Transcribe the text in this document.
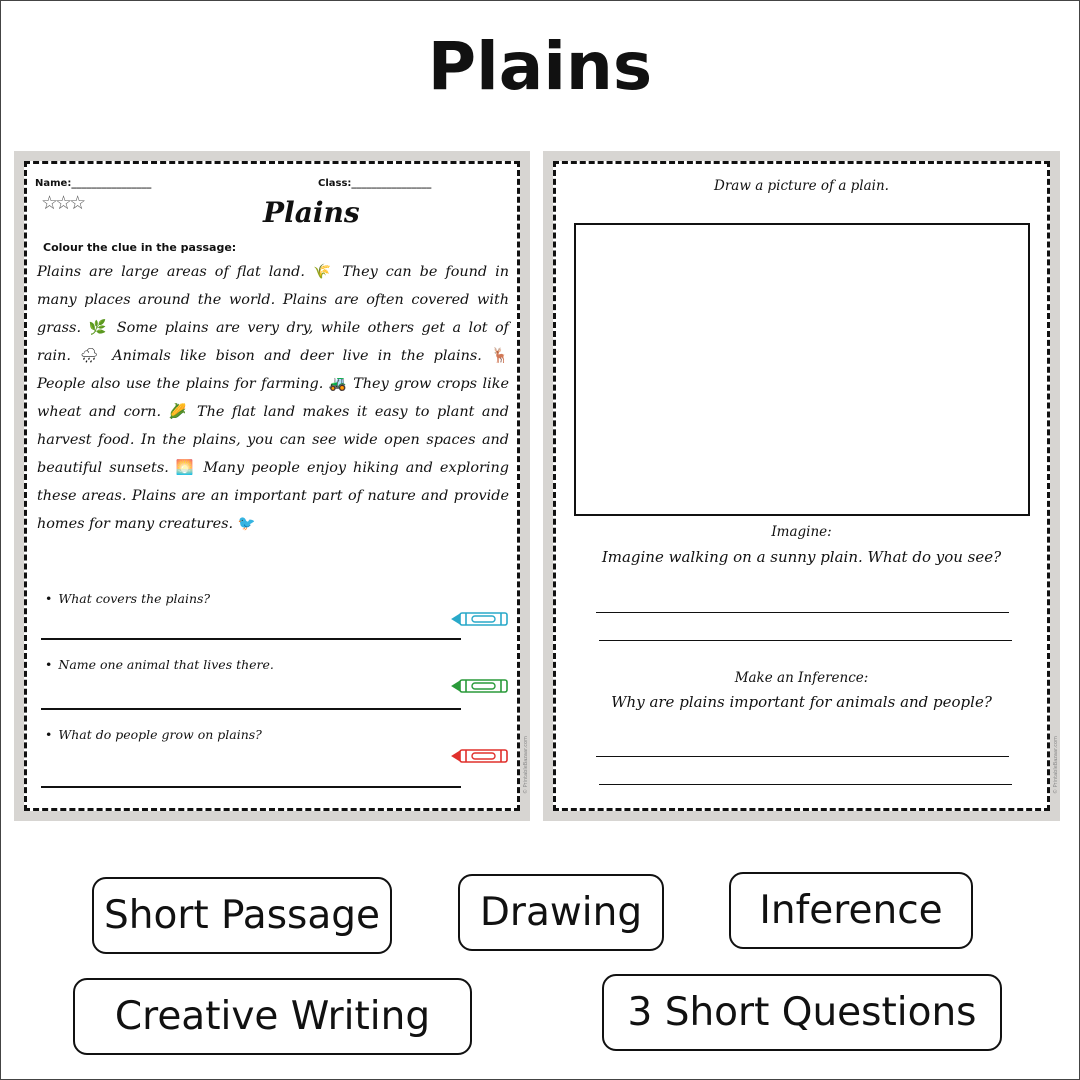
Plains
Name:________________	Class:________________
☆☆☆	Plains
Colour the clue in the passage:
Plains are large areas of flat land. 🌾 They can be found in
many places around the world. Plains are often covered with
grass. 🌿 Some plains are very dry, while others get a lot of
rain. 🌧 Animals like bison and deer live in the plains. 🦌
People also use the plains for farming. 🚜 They grow crops like
wheat and corn. 🌽 The flat land makes it easy to plant and
harvest food. In the plains, you can see wide open spaces and
beautiful sunsets. 🌅 Many people enjoy hiking and exploring
these areas. Plains are an important part of nature and provide
homes for many creatures. 🐦
• What covers the plains?
• Name one animal that lives there.
• What do people grow on plains?
© PrintableBazaar.com
Draw a picture of a plain.
Imagine:
Imagine walking on a sunny plain. What do you see?
Make an Inference:
Why are plains important for animals and people?
© PrintableBazaar.com
Short Passage	Drawing	Inference
Creative Writing	3 Short Questions
